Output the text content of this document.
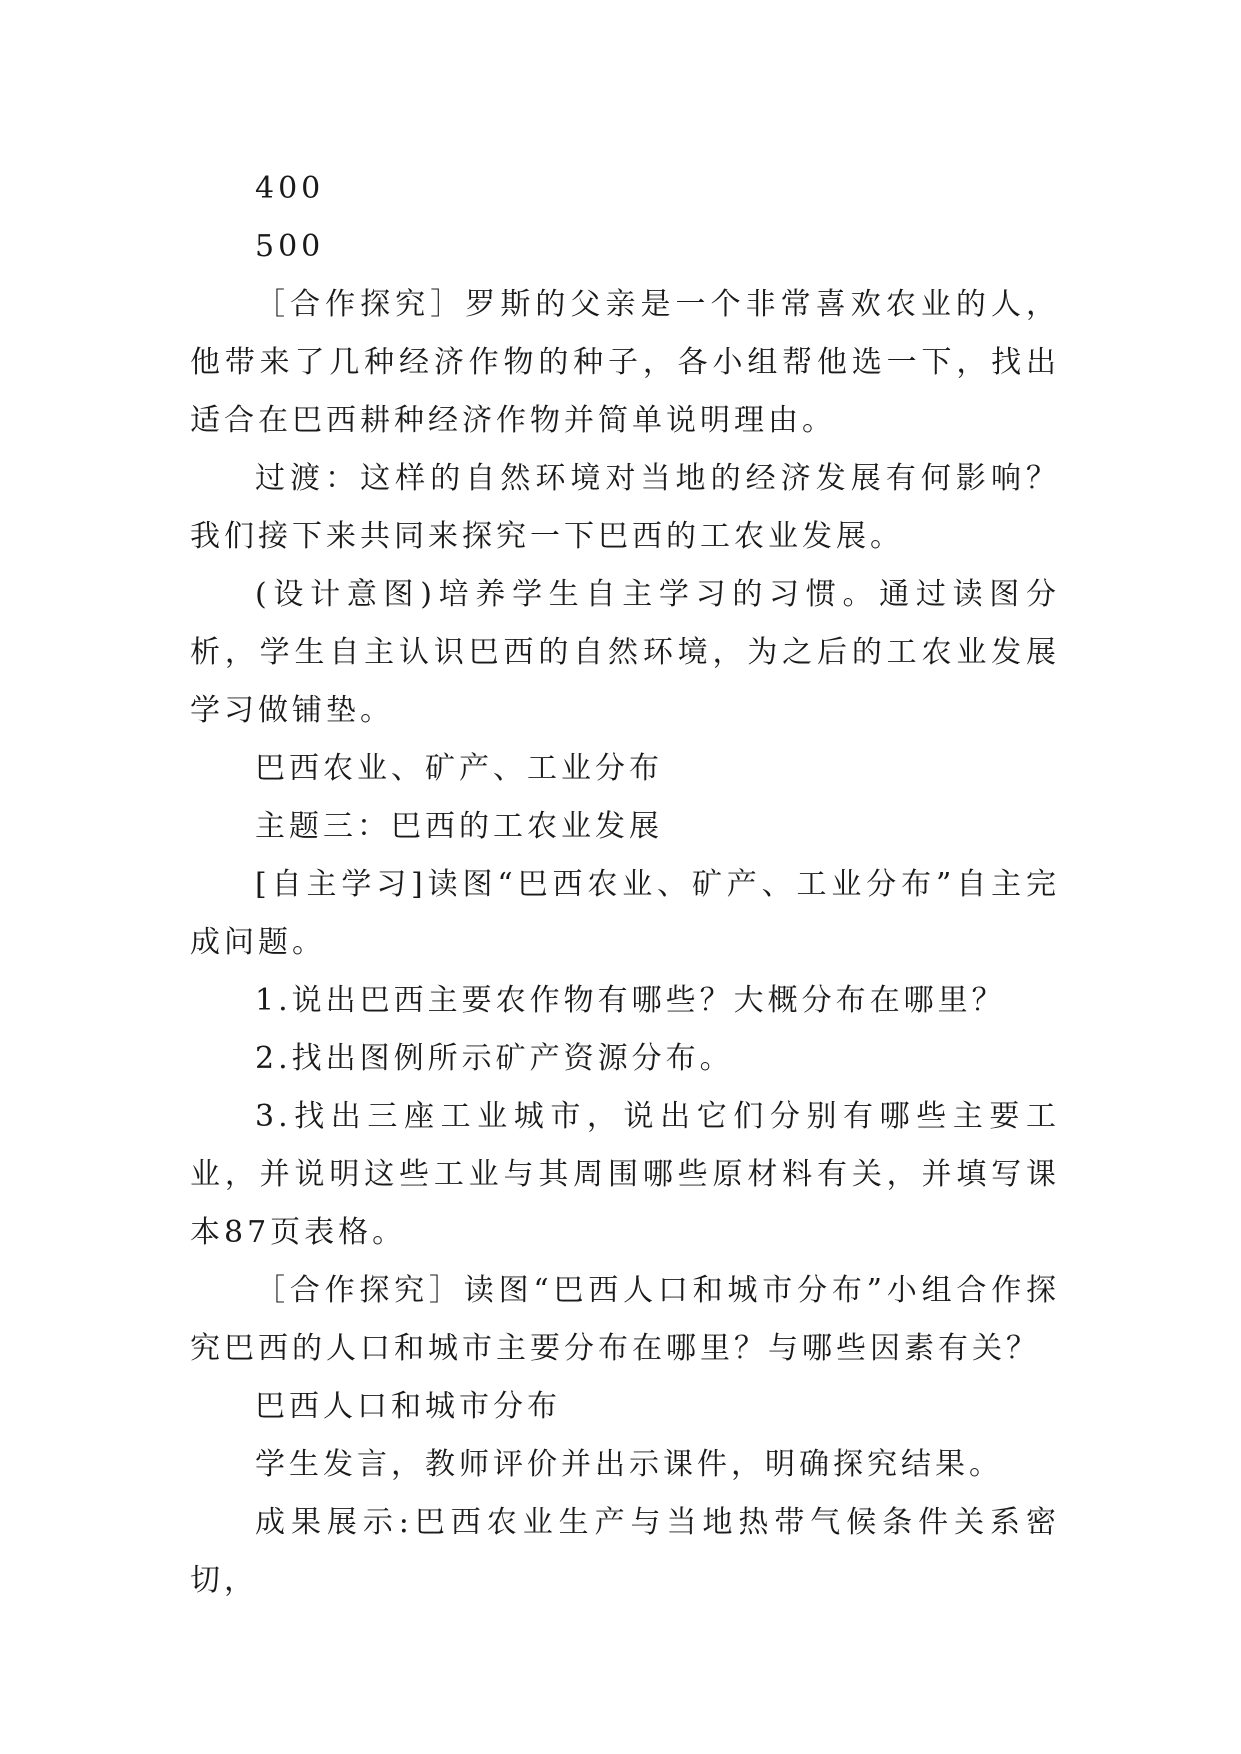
400

500

［合作探究］罗斯的父亲是一个非常喜欢农业的人，他带来了几种经济作物的种子，各小组帮他选一下，找出适合在巴西耕种经济作物并简单说明理由。

过渡：这样的自然环境对当地的经济发展有何影响？我们接下来共同来探究一下巴西的工农业发展。

(设计意图)培养学生自主学习的习惯。通过读图分析，学生自主认识巴西的自然环境，为之后的工农业发展学习做铺垫。

巴西农业、矿产、工业分布

主题三：巴西的工农业发展

[自主学习]读图“巴西农业、矿产、工业分布”自主完成问题。

1.说出巴西主要农作物有哪些？大概分布在哪里？

2.找出图例所示矿产资源分布。

3.找出三座工业城市，说出它们分别有哪些主要工业，并说明这些工业与其周围哪些原材料有关，并填写课本87页表格。

［合作探究］读图“巴西人口和城市分布”小组合作探究巴西的人口和城市主要分布在哪里？与哪些因素有关？

巴西人口和城市分布

学生发言，教师评价并出示课件，明确探究结果。

成果展示:巴西农业生产与当地热带气候条件关系密切，
